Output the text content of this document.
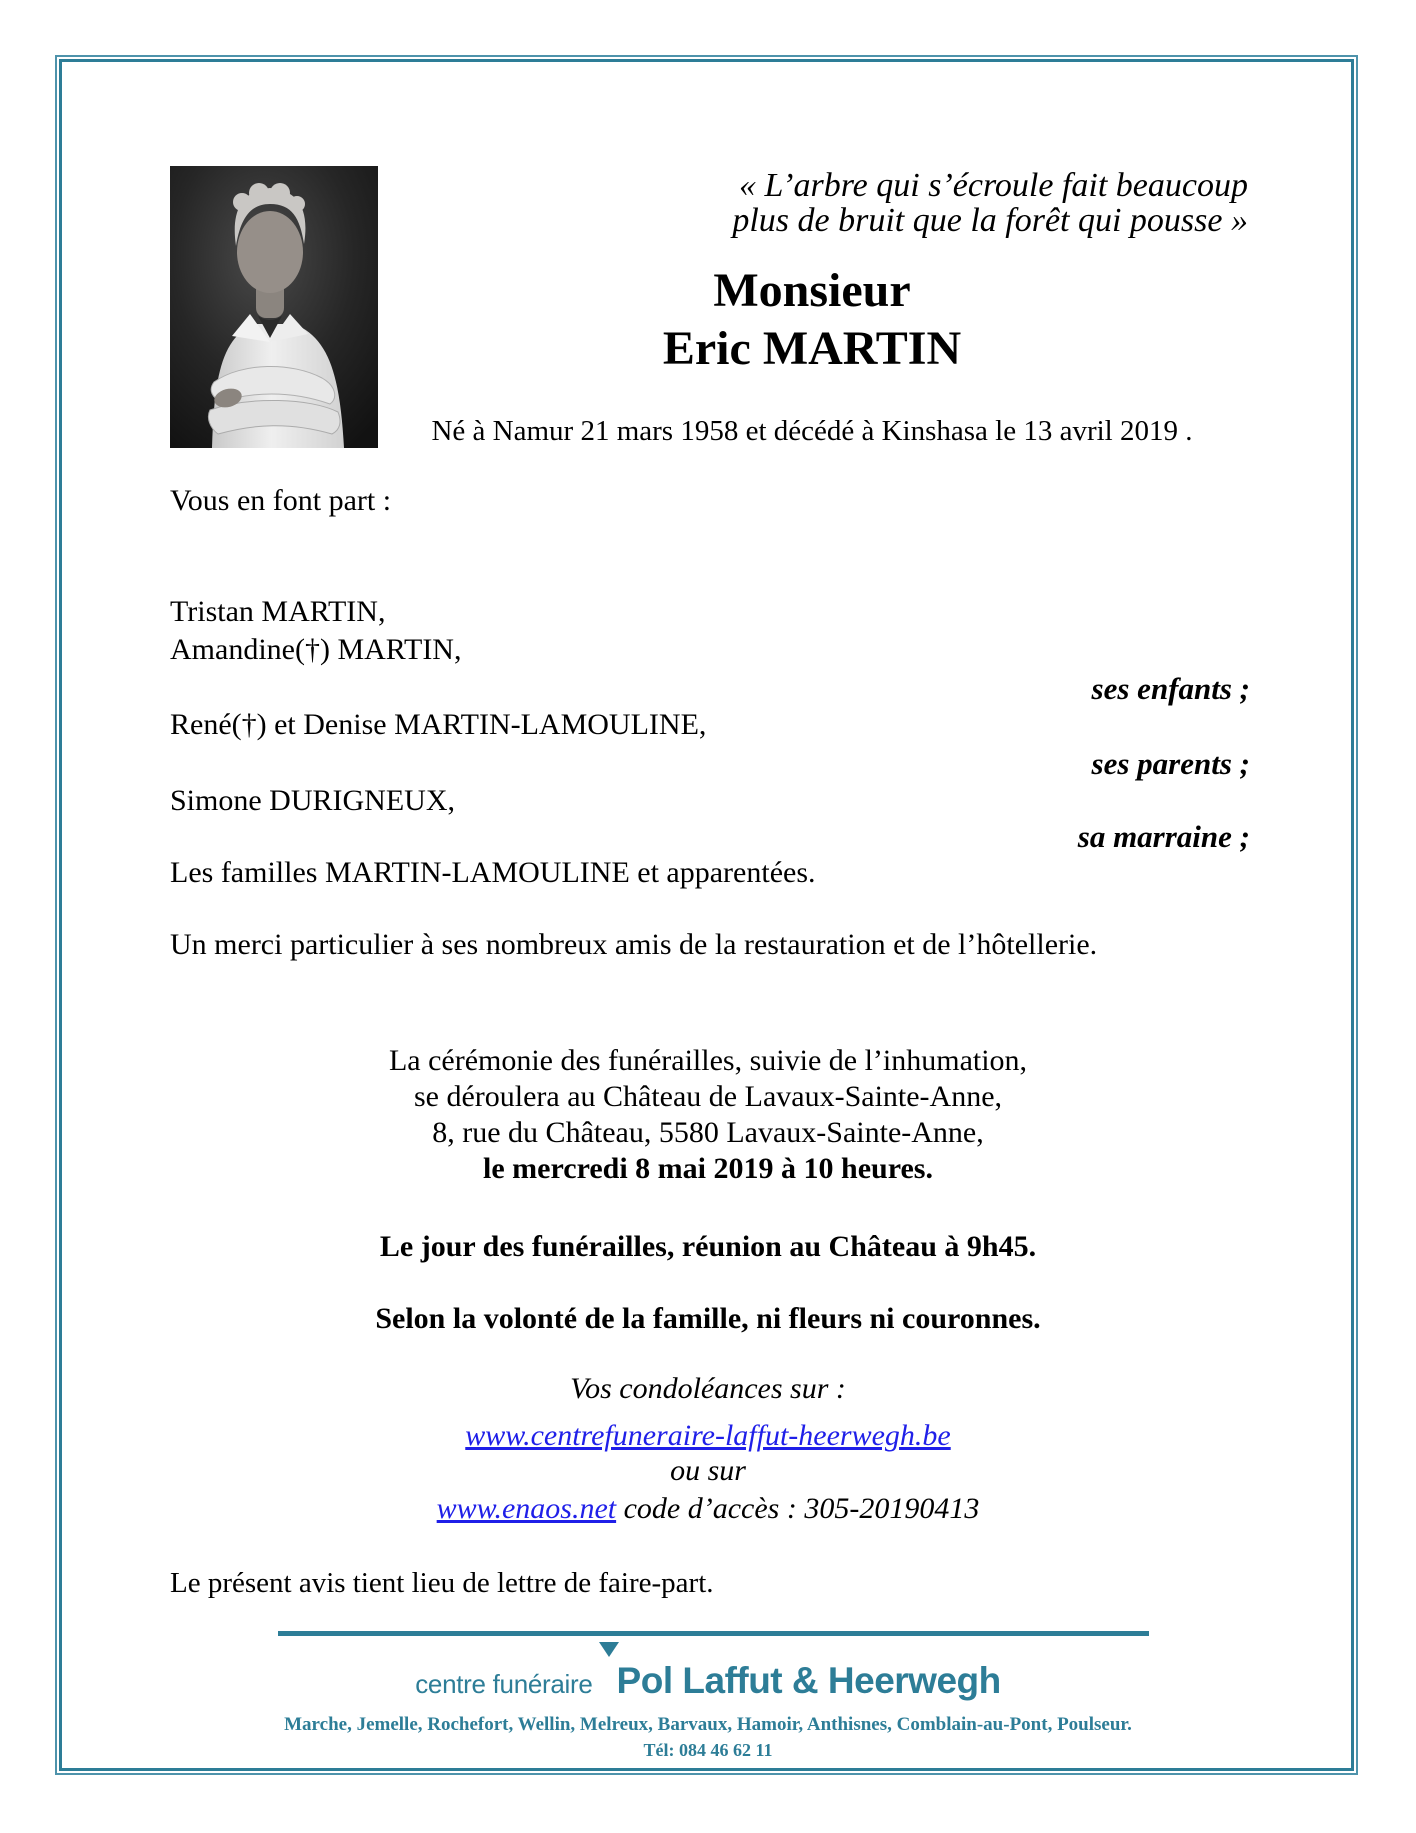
« L’arbre qui s’écroule fait beaucoup
plus de bruit que la forêt qui pousse »
Monsieur
Eric MARTIN
Né à Namur 21 mars 1958 et décédé à Kinshasa le 13 avril 2019 .
Vous en font part :
Tristan MARTIN,
Amandine(†) MARTIN,
ses enfants ;
René(†) et Denise MARTIN-LAMOULINE,
ses parents ;
Simone DURIGNEUX,
sa marraine ;
Les familles MARTIN-LAMOULINE et apparentées.
Un merci particulier à ses nombreux amis de la restauration et de l’hôtellerie.
La cérémonie des funérailles, suivie de l’inhumation,
se déroulera au Château de Lavaux-Sainte-Anne,
8, rue du Château, 5580 Lavaux-Sainte-Anne,
le mercredi 8 mai 2019 à 10 heures.
Le jour des funérailles, réunion au Château à 9h45.
Selon la volonté de la famille, ni fleurs ni couronnes.
Vos condoléances sur :
www.centrefuneraire-laffut-heerwegh.be
ou sur
www.enaos.net code d’accès : 305-20190413
Le présent avis tient lieu de lettre de faire-part.
centre funéraire Pol Laffut & Heerwegh
Marche, Jemelle, Rochefort, Wellin, Melreux, Barvaux, Hamoir, Anthisnes, Comblain-au-Pont, Poulseur.
Tél: 084 46 62 11
